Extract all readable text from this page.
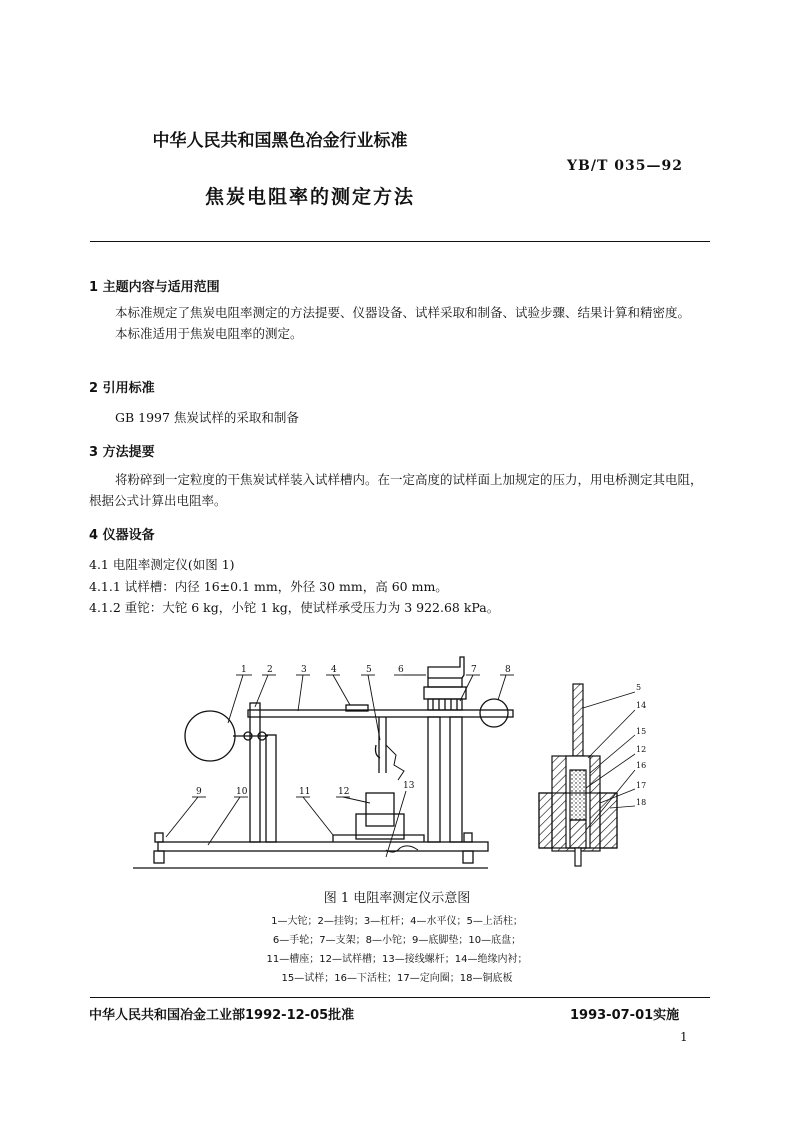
中华人民共和国黑色冶金行业标准
YB/T 035—92
焦炭电阻率的测定方法
1 主题内容与适用范围

本标准规定了焦炭电阻率测定的方法提要、仪器设备、试样采取和制备、试验步骤、结果计算和精密度。

本标准适用于焦炭电阻率的测定。

2 引用标准
GB 1997 焦炭试样的采取和制备
3 方法提要

将粉碎到一定粒度的干焦炭试样装入试样槽内。在一定高度的试样面上加规定的压力，用电桥测定其电阻，根据公式计算出电阻率。

4 仪器设备
4.1 电阻率测定仪(如图 1)
4.1.1 试样槽：内径 16±0.1 mm，外径 30 mm，高 60 mm。
4.1.2 重铊：大铊 6 kg，小铊 1 kg，使试样承受压力为 3 922.68 kPa。
1 2	3	4	5	6	7	8
9	10	11	12
13
5
14
15
12
16
17
18
图 1 电阻率测定仪示意图
1—大铊；2—挂钩；3—杠杆；4—水平仪；5—上活柱；
6—手轮；7—支架；8—小铊；9—底脚垫；10—底盘；
11—槽座；12—试样槽；13—接线螺杆；14—绝缘内衬；
15—试样；16—下活柱；17—定向圈；18—铜底板
中华人民共和国冶金工业部1992-12-05批准	1993-07-01实施
1
